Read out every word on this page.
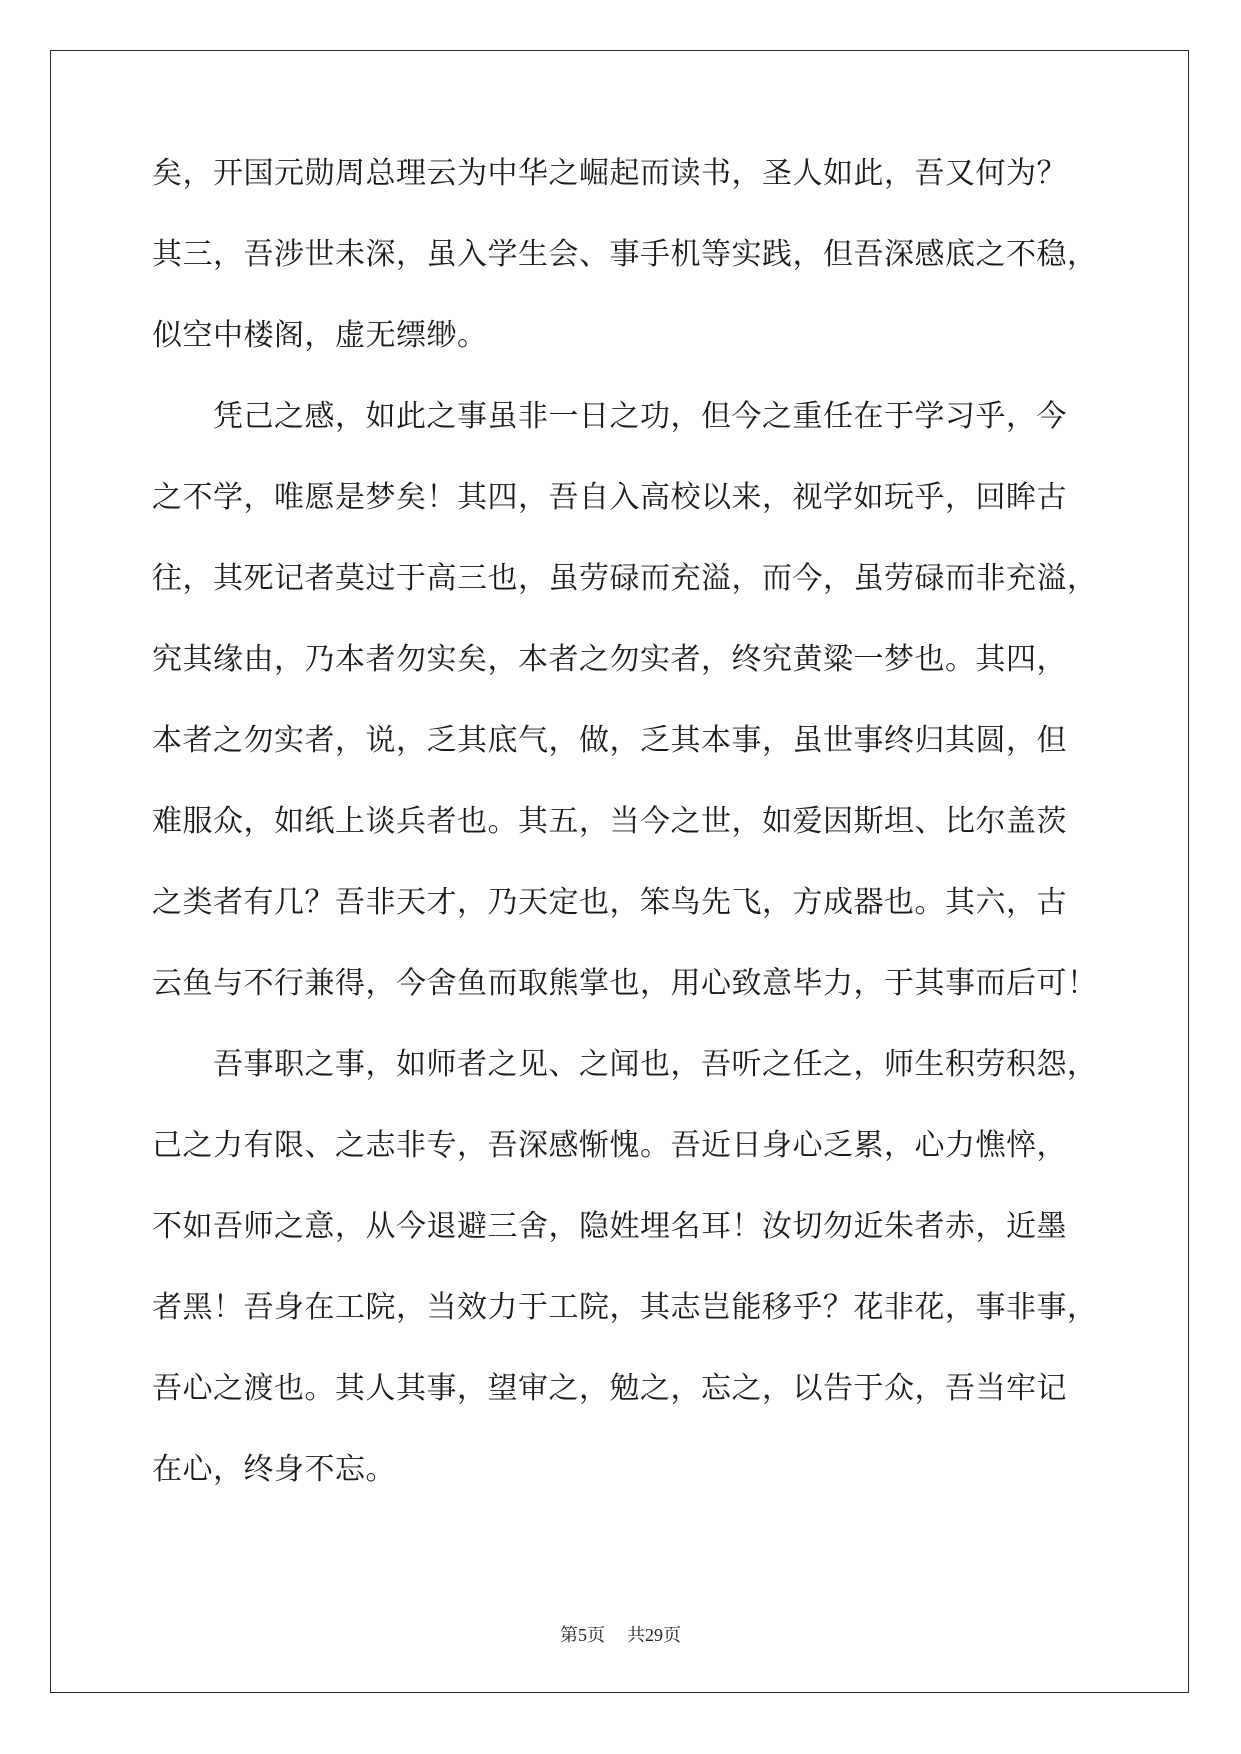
矣，开国元勋周总理云为中华之崛起而读书，圣人如此，吾又何为？
其三，吾涉世未深，虽入学生会、事手机等实践，但吾深感底之不稳，
似空中楼阁，虚无缥缈。
　　凭己之感，如此之事虽非一日之功，但今之重任在于学习乎，今
之不学，唯愿是梦矣！其四，吾自入高校以来，视学如玩乎，回眸古
往，其死记者莫过于高三也，虽劳碌而充溢，而今，虽劳碌而非充溢，
究其缘由，乃本者勿实矣，本者之勿实者，终究黄粱一梦也。其四，
本者之勿实者，说，乏其底气，做，乏其本事，虽世事终归其圆，但
难服众，如纸上谈兵者也。其五，当今之世，如爱因斯坦、比尔盖茨
之类者有几？吾非天才，乃天定也，笨鸟先飞，方成器也。其六，古
云鱼与不行兼得，今舍鱼而取熊掌也，用心致意毕力，于其事而后可！
　　吾事职之事，如师者之见、之闻也，吾听之任之，师生积劳积怨，
己之力有限、之志非专，吾深感惭愧。吾近日身心乏累，心力憔悴，
不如吾师之意，从今退避三舍，隐姓埋名耳！汝切勿近朱者赤，近墨
者黑！吾身在工院，当效力于工院，其志岂能移乎？花非花，事非事，
吾心之渡也。其人其事，望审之，勉之，忘之，以告于众，吾当牢记
在心，终身不忘。
第5页 共29页
